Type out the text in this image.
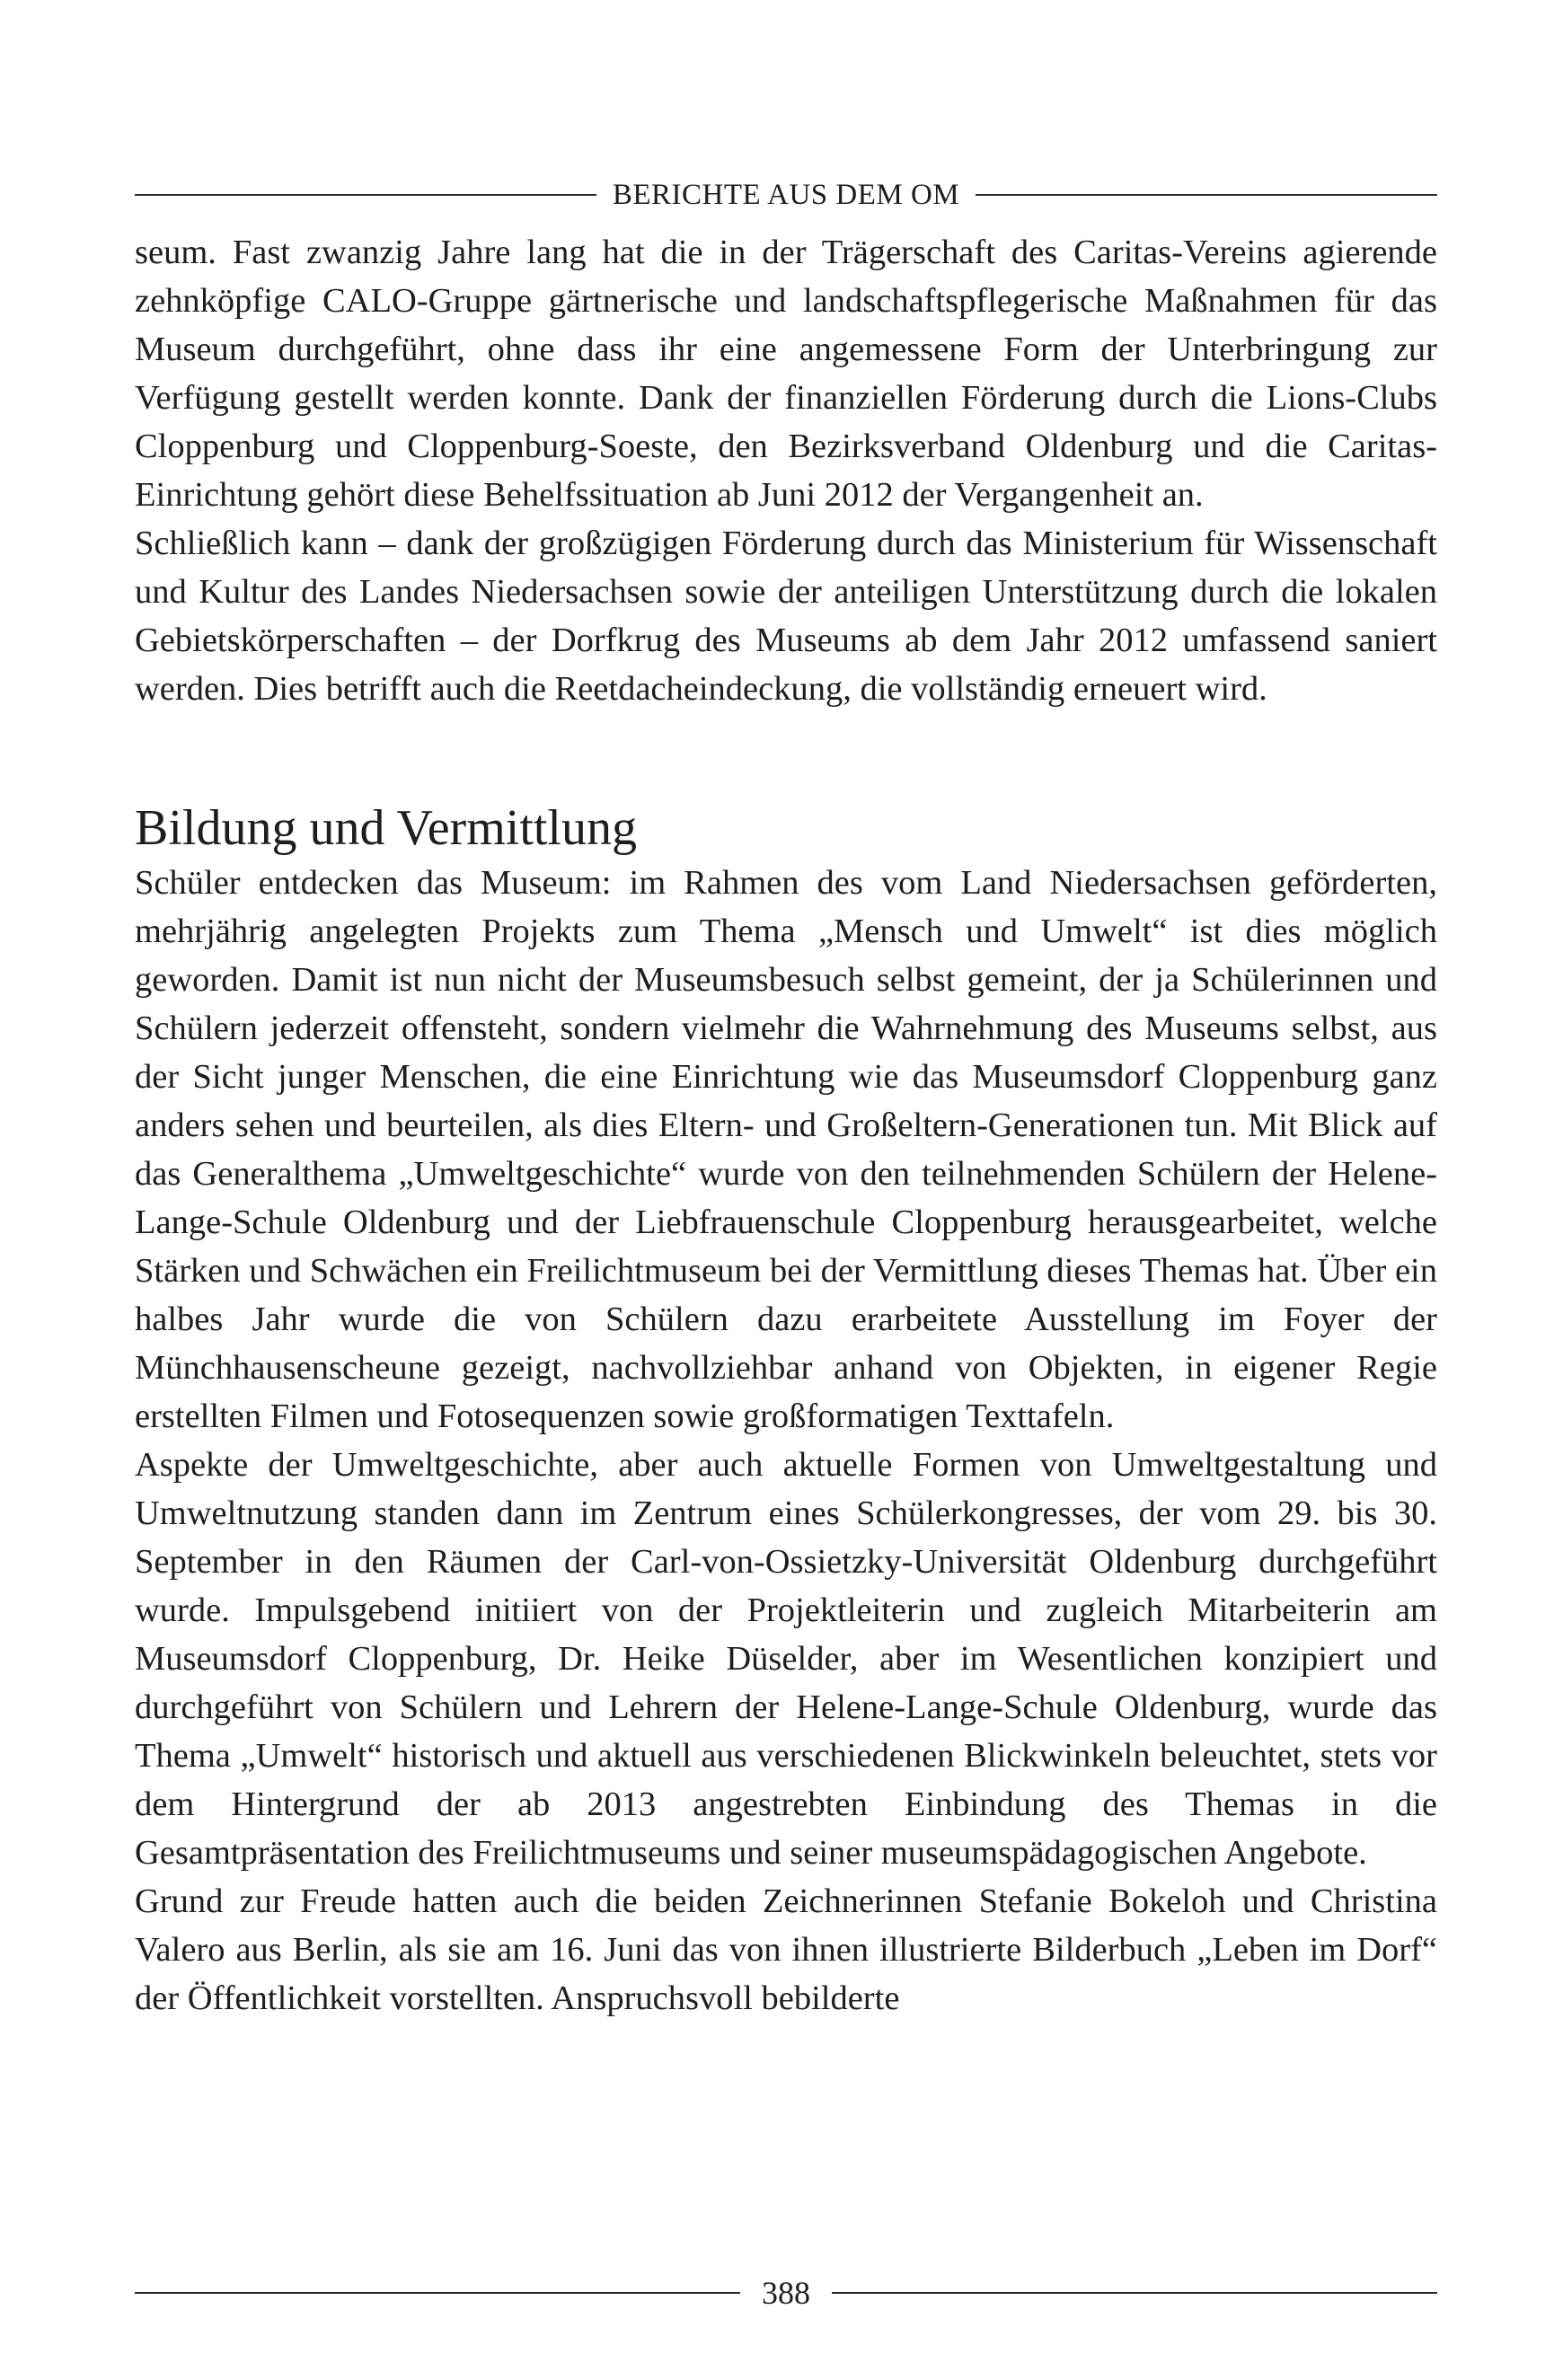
BERICHTE AUS DEM OM

seum. Fast zwanzig Jahre lang hat die in der Trägerschaft des Caritas-Vereins agierende zehnköpfige CALO-Gruppe gärtnerische und landschaftspflegerische Maßnahmen für das Museum durchgeführt, ohne dass ihr eine angemessene Form der Unterbringung zur Verfügung gestellt werden konnte. Dank der finanziellen Förderung durch die Lions-Clubs Cloppenburg und Cloppenburg-Soeste, den Bezirksverband Oldenburg und die Caritas-Einrichtung gehört diese Behelfssituation ab Juni 2012 der Vergangenheit an.

Schließlich kann – dank der großzügigen Förderung durch das Ministerium für Wissenschaft und Kultur des Landes Niedersachsen sowie der anteiligen Unterstützung durch die lokalen Gebietskörperschaften – der Dorfkrug des Museums ab dem Jahr 2012 umfassend saniert werden. Dies betrifft auch die Reetdacheindeckung, die vollständig erneuert wird.

Bildung und Vermittlung

Schüler entdecken das Museum: im Rahmen des vom Land Niedersachsen geförderten, mehrjährig angelegten Projekts zum Thema „Mensch und Umwelt“ ist dies möglich geworden. Damit ist nun nicht der Museumsbesuch selbst gemeint, der ja Schülerinnen und Schülern jederzeit offensteht, sondern vielmehr die Wahrnehmung des Museums selbst, aus der Sicht junger Menschen, die eine Einrichtung wie das Museumsdorf Cloppenburg ganz anders sehen und beurteilen, als dies Eltern- und Großeltern-Generationen tun. Mit Blick auf das Generalthema „Umweltgeschichte“ wurde von den teilnehmenden Schülern der Helene-Lange-Schule Oldenburg und der Liebfrauenschule Cloppenburg herausgearbeitet, welche Stärken und Schwächen ein Freilichtmuseum bei der Vermittlung dieses Themas hat. Über ein halbes Jahr wurde die von Schülern dazu erarbeitete Ausstellung im Foyer der Münchhausenscheune gezeigt, nachvollziehbar anhand von Objekten, in eigener Regie erstellten Filmen und Fotosequenzen sowie großformatigen Texttafeln.

Aspekte der Umweltgeschichte, aber auch aktuelle Formen von Umweltgestaltung und Umweltnutzung standen dann im Zentrum eines Schülerkongresses, der vom 29. bis 30. September in den Räumen der Carl-von-Ossietzky-Universität Oldenburg durchgeführt wurde. Impulsgebend initiiert von der Projektleiterin und zugleich Mitarbeiterin am Museumsdorf Cloppenburg, Dr. Heike Düselder, aber im Wesentlichen konzipiert und durchgeführt von Schülern und Lehrern der Helene-Lange-Schule Oldenburg, wurde das Thema „Umwelt“ historisch und aktuell aus verschiedenen Blickwinkeln beleuchtet, stets vor dem Hintergrund der ab 2013 angestrebten Einbindung des Themas in die Gesamtpräsentation des Freilichtmuseums und seiner museumspädagogischen Angebote.

Grund zur Freude hatten auch die beiden Zeichnerinnen Stefanie Bokeloh und Christina Valero aus Berlin, als sie am 16. Juni das von ihnen illustrierte Bilderbuch „Leben im Dorf“ der Öffentlichkeit vorstellten. Anspruchsvoll bebilderte

388
